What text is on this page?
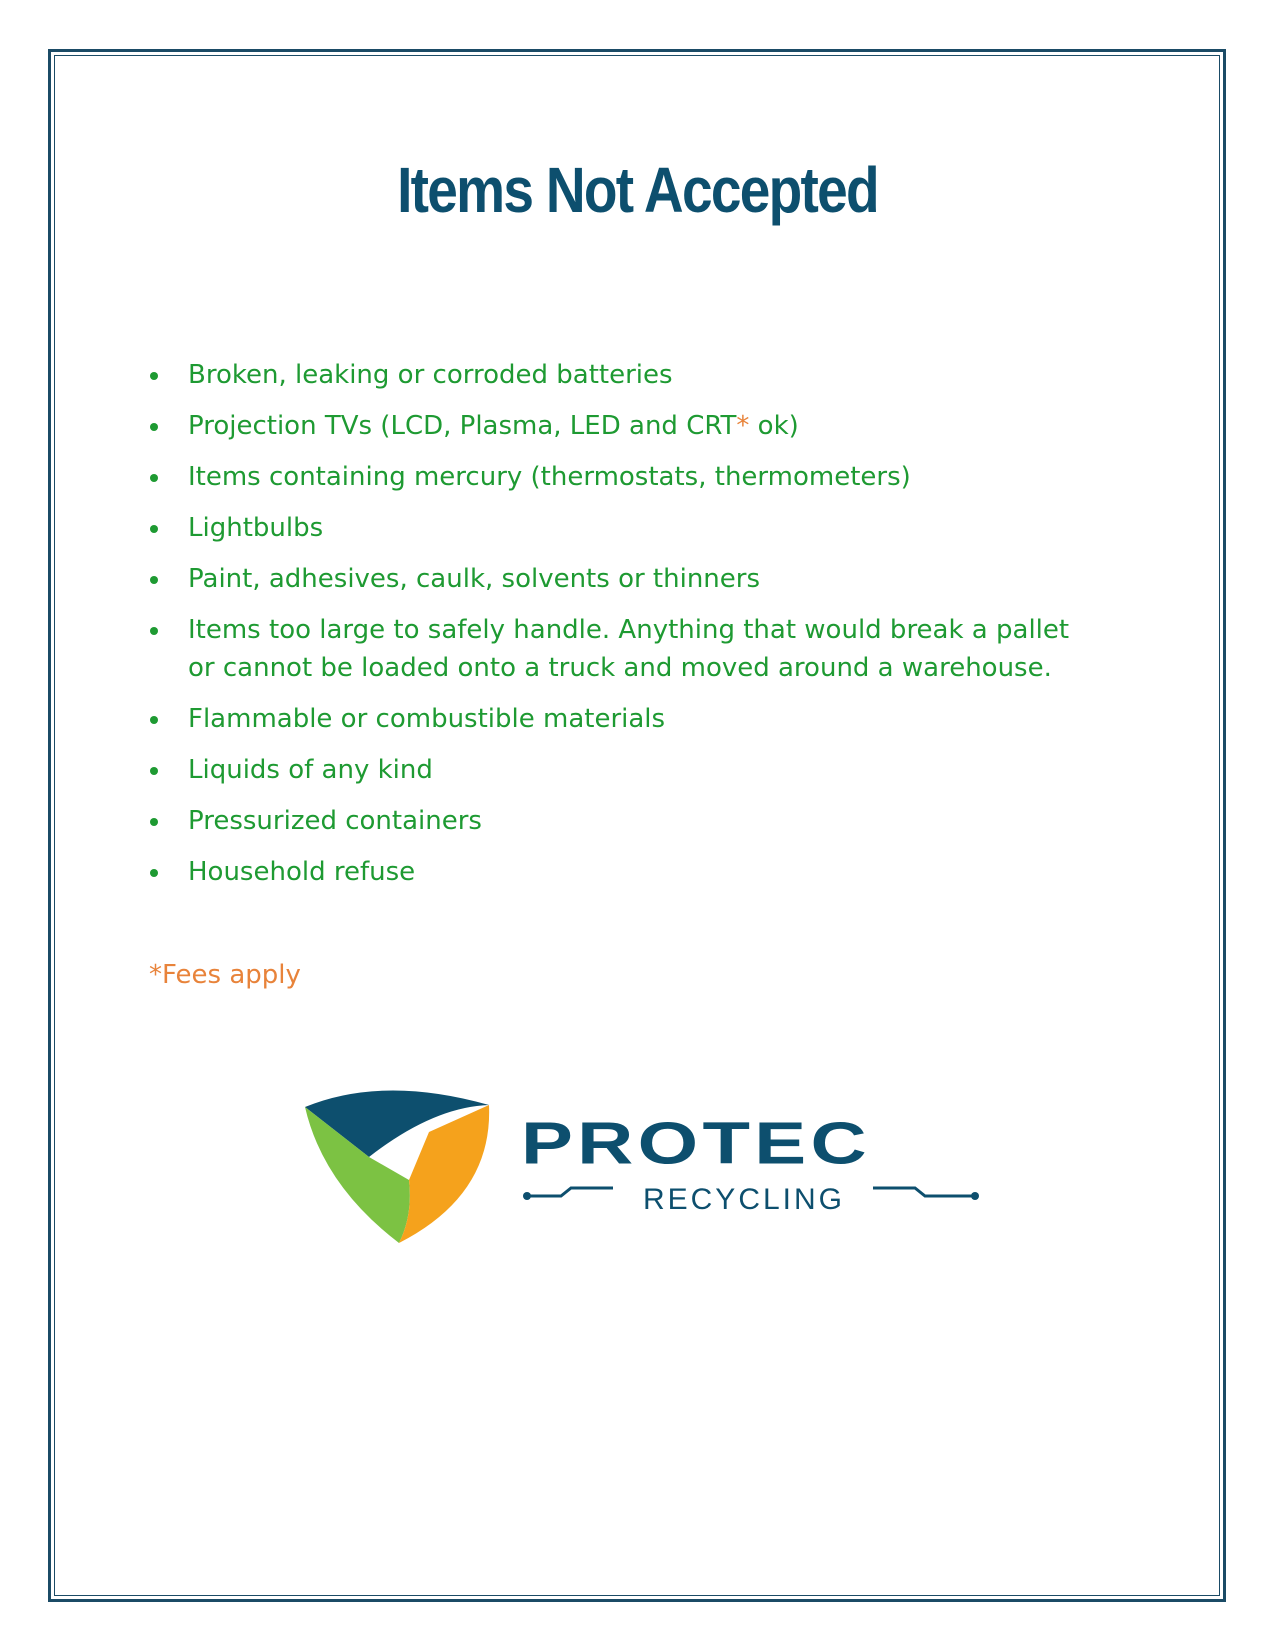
Items Not Accepted
Broken, leaking or corroded batteries
Projection TVs (LCD, Plasma, LED and CRT* ok)
Items containing mercury (thermostats, thermometers)
Lightbulbs
Paint, adhesives, caulk, solvents or thinners
Items too large to safely handle. Anything that would break a pallet or cannot be loaded onto a truck and moved around a warehouse.
Flammable or combustible materials
Liquids of any kind
Pressurized containers
Household refuse

*Fees apply

PROTEC
RECYCLING
